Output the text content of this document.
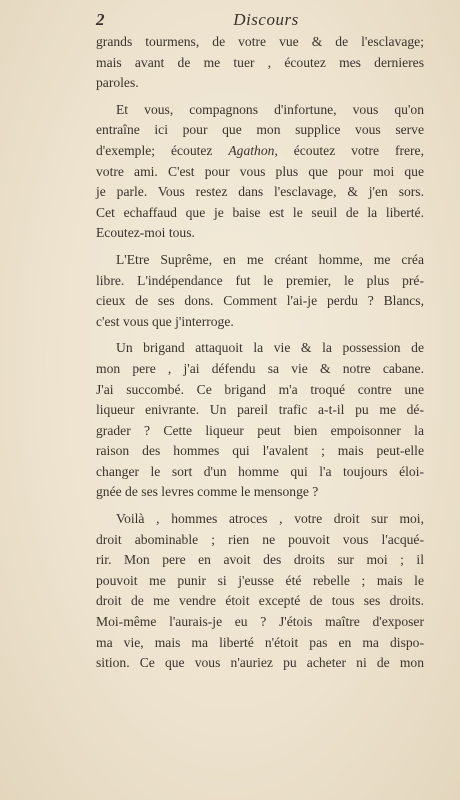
2	Discours

grands tourmens, de votre vue & de l'esclavage;
mais avant de me tuer , écoutez mes dernieres
paroles.

Et vous, compagnons d'infortune, vous qu'on
entraîne ici pour que mon supplice vous serve
d'exemple; écoutez Agathon, écoutez votre frere,
votre ami. C'est pour vous plus que pour moi que
je parle. Vous restez dans l'esclavage, & j'en sors.
Cet echaffaud que je baise est le seuil de la liberté.
Ecoutez-moi tous.

L'Etre Suprême, en me créant homme, me créa
libre. L'indépendance fut le premier, le plus pré-
cieux de ses dons. Comment l'ai-je perdu ? Blancs,
c'est vous que j'interroge.

Un brigand attaquoit la vie & la possession de
mon pere , j'ai défendu sa vie & notre cabane.
J'ai succombé. Ce brigand m'a troqué contre une
liqueur enivrante. Un pareil trafic a-t-il pu me dé-
grader ? Cette liqueur peut bien empoisonner la
raison des hommes qui l'avalent ; mais peut-elle
changer le sort d'un homme qui l'a toujours éloi-
gnée de ses levres comme le mensonge ?

Voilà , hommes atroces , votre droit sur moi,
droit abominable ; rien ne pouvoit vous l'acqué-
rir. Mon pere en avoit des droits sur moi ; il
pouvoit me punir si j'eusse été rebelle ; mais le
droit de me vendre étoit excepté de tous ses droits.
Moi-même l'aurais-je eu ? J'étois maître d'exposer
ma vie, mais ma liberté n'étoit pas en ma dispo-
sition. Ce que vous n'auriez pu acheter ni de mon
